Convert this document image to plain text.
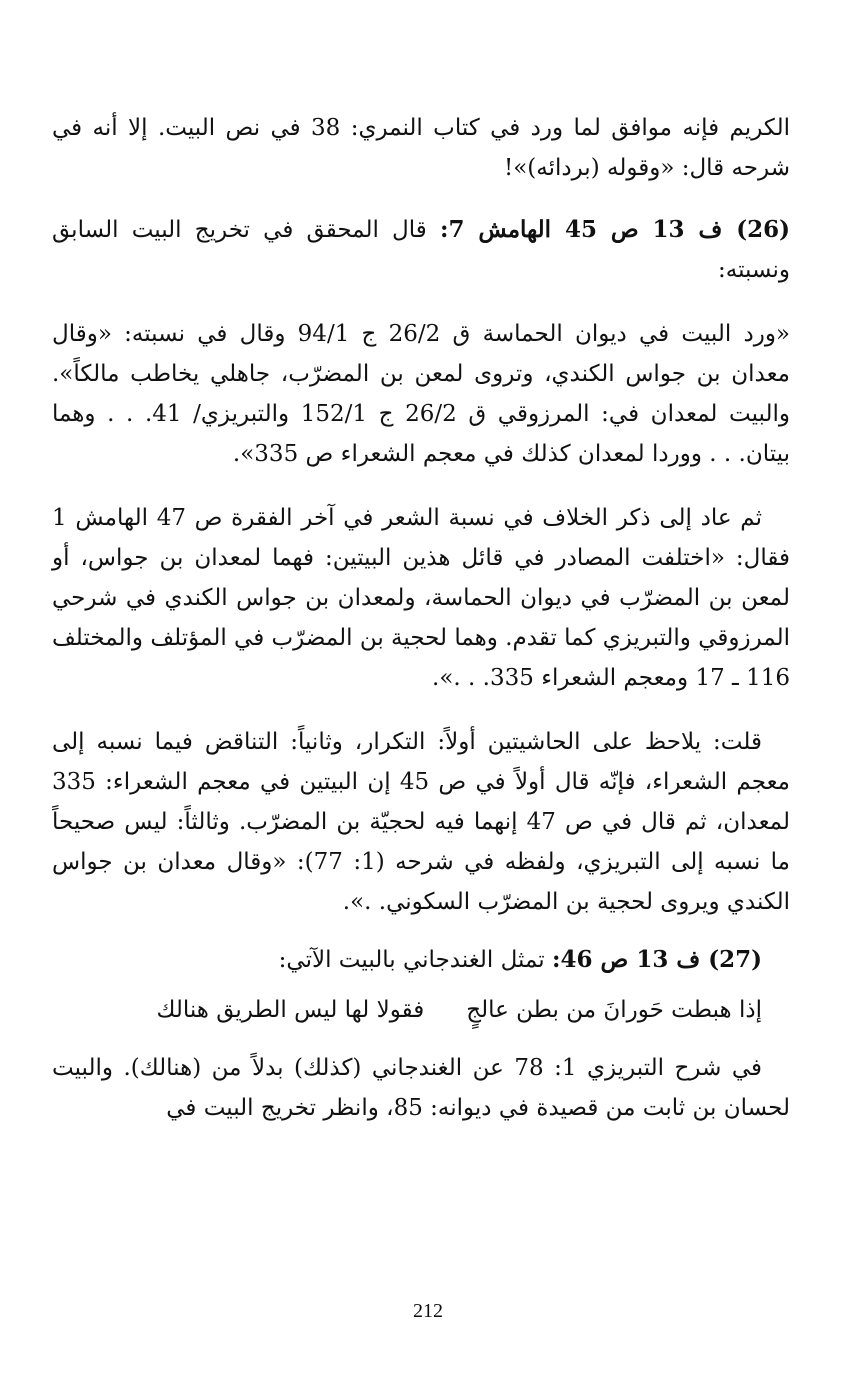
الكريم فإنه موافق لما ورد في كتاب النمري: 38 في نص البيت. إلا أنه في شرحه قال: «وقوله (بردائه)»!

(26) ف 13 ص 45 الهامش 7: قال المحقق في تخريج البيت السابق ونسبته:

«ورد البيت في ديوان الحماسة ق 26/2 ج 94/1 وقال في نسبته: «وقال معدان بن جواس الكندي، وتروى لمعن بن المضرّب، جاهلي يخاطب مالكاً». والبيت لمعدان في: المرزوقي ق 26/2 ج 152/1 والتبريزي/ 41. . . وهما بيتان. . . ووردا لمعدان كذلك في معجم الشعراء ص 335».

ثم عاد إلى ذكر الخلاف في نسبة الشعر في آخر الفقرة ص 47 الهامش 1 فقال: «اختلفت المصادر في قائل هذين البيتين: فهما لمعدان بن جواس، أو لمعن بن المضرّب في ديوان الحماسة، ولمعدان بن جواس الكندي في شرحي المرزوقي والتبريزي كما تقدم. وهما لحجية بن المضرّب في المؤتلف والمختلف 116 ـ 17 ومعجم الشعراء 335. . .».

قلت: يلاحظ على الحاشيتين أولاً: التكرار، وثانياً: التناقض فيما نسبه إلى معجم الشعراء، فإنّه قال أولاً في ص 45 إن البيتين في معجم الشعراء: 335 لمعدان، ثم قال في ص 47 إنهما فيه لحجيّة بن المضرّب. وثالثاً: ليس صحيحاً ما نسبه إلى التبريزي، ولفظه في شرحه (1: 77): «وقال معدان بن جواس الكندي ويروى لحجية بن المضرّب السكوني. .».

(27) ف 13 ص 46: تمثل الغندجاني بالبيت الآتي:

إذا هبطت حَورانَ من بطن عالجٍ
فقولا لها ليس الطريق هنالك

في شرح التبريزي 1: 78 عن الغندجاني (كذلك) بدلاً من (هنالك). والبيت لحسان بن ثابت من قصيدة في ديوانه: 85، وانظر تخريج البيت في

212
